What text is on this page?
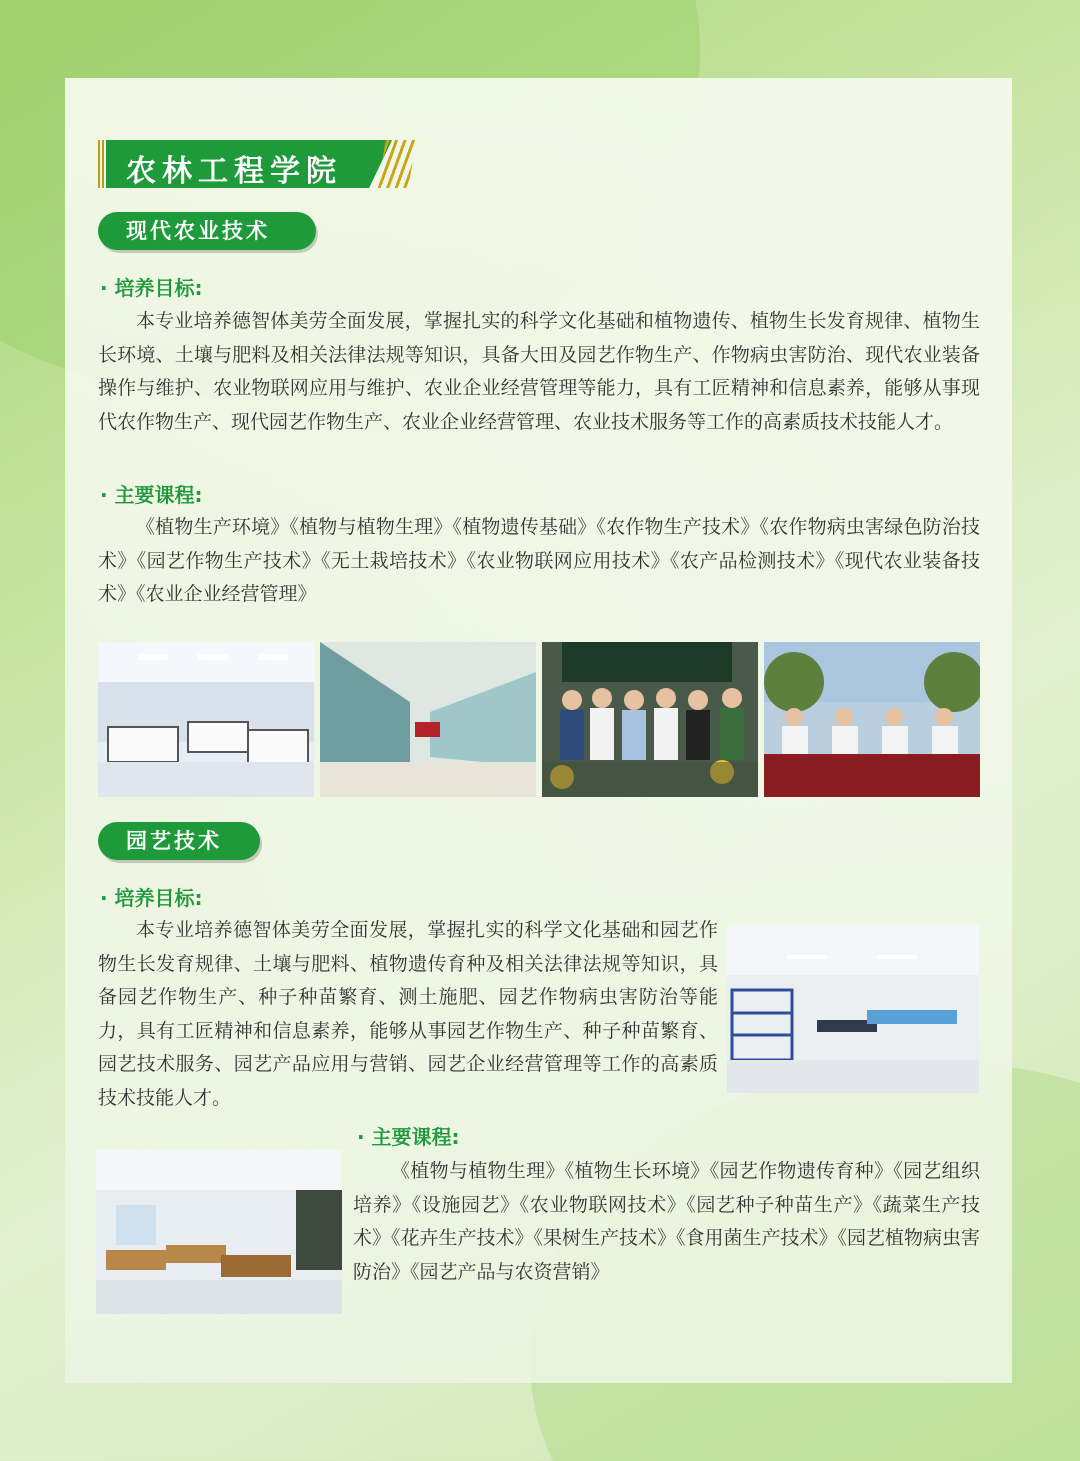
农林工程学院
现代农业技术
· 培养目标:
本专业培养德智体美劳全面发展，掌握扎实的科学文化基础和植物遗传、植物生长发育规律、植物生长环境、土壤与肥料及相关法律法规等知识，具备大田及园艺作物生产、作物病虫害防治、现代农业装备操作与维护、农业物联网应用与维护、农业企业经营管理等能力，具有工匠精神和信息素养，能够从事现代农作物生产、现代园艺作物生产、农业企业经营管理、农业技术服务等工作的高素质技术技能人才。
· 主要课程:
《植物生产环境》《植物与植物生理》《植物遗传基础》《农作物生产技术》《农作物病虫害绿色防治技术》《园艺作物生产技术》《无土栽培技术》《农业物联网应用技术》《农产品检测技术》《现代农业装备技术》《农业企业经营管理》
园艺技术
· 培养目标:
本专业培养德智体美劳全面发展，掌握扎实的科学文化基础和园艺作物生长发育规律、土壤与肥料、植物遗传育种及相关法律法规等知识，具备园艺作物生产、种子种苗繁育、测土施肥、园艺作物病虫害防治等能力，具有工匠精神和信息素养，能够从事园艺作物生产、种子种苗繁育、园艺技术服务、园艺产品应用与营销、园艺企业经营管理等工作的高素质技术技能人才。
· 主要课程:
《植物与植物生理》《植物生长环境》《园艺作物遗传育种》《园艺组织培养》《设施园艺》《农业物联网技术》《园艺种子种苗生产》《蔬菜生产技术》《花卉生产技术》《果树生产技术》《食用菌生产技术》《园艺植物病虫害防治》《园艺产品与农资营销》
